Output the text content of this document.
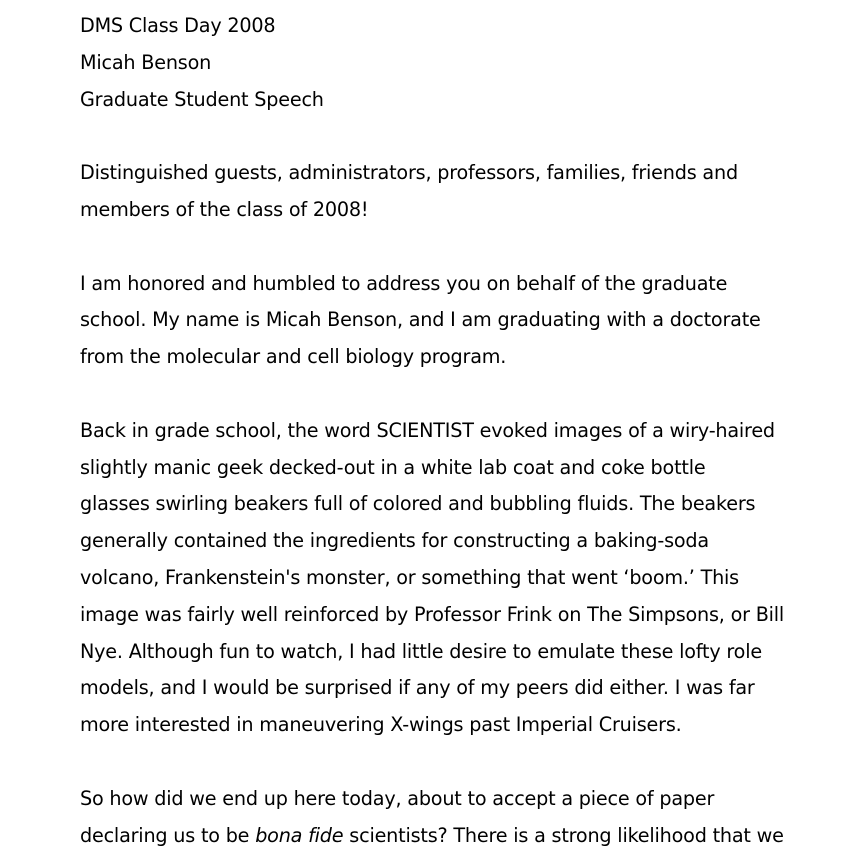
DMS Class Day 2008
Micah Benson
Graduate Student Speech
Distinguished guests, administrators, professors, families, friends and
members of the class of 2008!
I am honored and humbled to address you on behalf of the graduate
school. My name is Micah Benson, and I am graduating with a doctorate
from the molecular and cell biology program.
Back in grade school, the word SCIENTIST evoked images of a wiry-haired
slightly manic geek decked-out in a white lab coat and coke bottle
glasses swirling beakers full of colored and bubbling fluids. The beakers
generally contained the ingredients for constructing a baking-soda
volcano, Frankenstein's monster, or something that went ‘boom.’ This
image was fairly well reinforced by Professor Frink on The Simpsons, or Bill
Nye. Although fun to watch, I had little desire to emulate these lofty role
models, and I would be surprised if any of my peers did either. I was far
more interested in maneuvering X-wings past Imperial Cruisers.
So how did we end up here today, about to accept a piece of paper
declaring us to be bona fide scientists? There is a strong likelihood that we
